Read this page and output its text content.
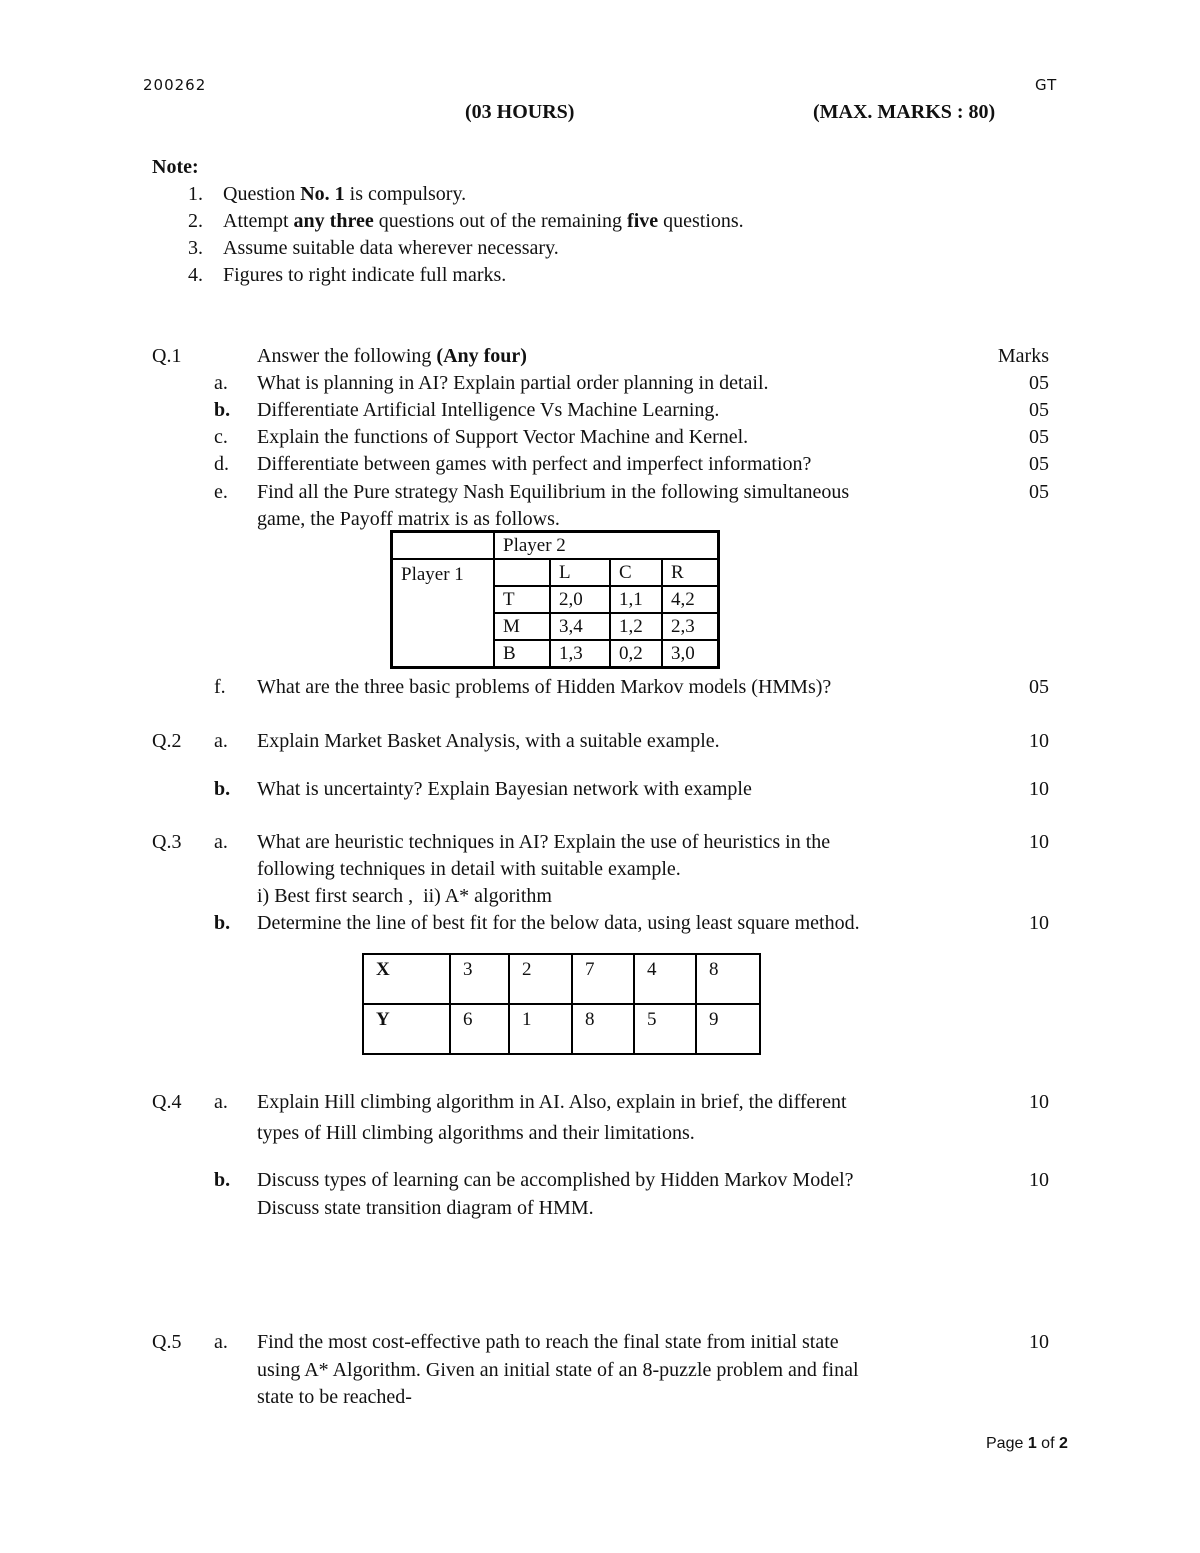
200262	GT
(03 HOURS)	(MAX. MARKS : 80)
Note:
1. Question No. 1 is compulsory.
2. Attempt any three questions out of the remaining five questions.
3. Assume suitable data wherever necessary.
4. Figures to right indicate full marks.
Q.1	Answer the following (Any four)	Marks
a. What is planning in AI? Explain partial order planning in detail.	05
b. Differentiate Artificial Intelligence Vs Machine Learning.	05
c. Explain the functions of Support Vector Machine and Kernel.	05
d. Differentiate between games with perfect and imperfect information?	05
e. Find all the Pure strategy Nash Equilibrium in the following simultaneous	05
game, the Payoff matrix is as follows.
	Player 2			
Player 1		L	C	R
	T	2,0	1,1	4,2
	M	3,4	1,2	2,3
	B	1,3	0,2	3,0
f. What are the three basic problems of Hidden Markov models (HMMs)?	05
Q.2 a. Explain Market Basket Analysis, with a suitable example.	10
b. What is uncertainty? Explain Bayesian network with example	10
Q.3 a. What are heuristic techniques in AI? Explain the use of heuristics in the	10
following techniques in detail with suitable example.
i) Best first search ,  ii) A* algorithm
b. Determine the line of best fit for the below data, using least square method.	10
X	3	2	7	4	8
Y	6	1	8	5	9
Q.4 a. Explain Hill climbing algorithm in AI. Also, explain in brief, the different	10
types of Hill climbing algorithms and their limitations.
b. Discuss types of learning can be accomplished by Hidden Markov Model?	10
Discuss state transition diagram of HMM.
Q.5 a. Find the most cost-effective path to reach the final state from initial state	10
using A* Algorithm. Given an initial state of an 8-puzzle problem and final
state to be reached-
Page 1 of 2
